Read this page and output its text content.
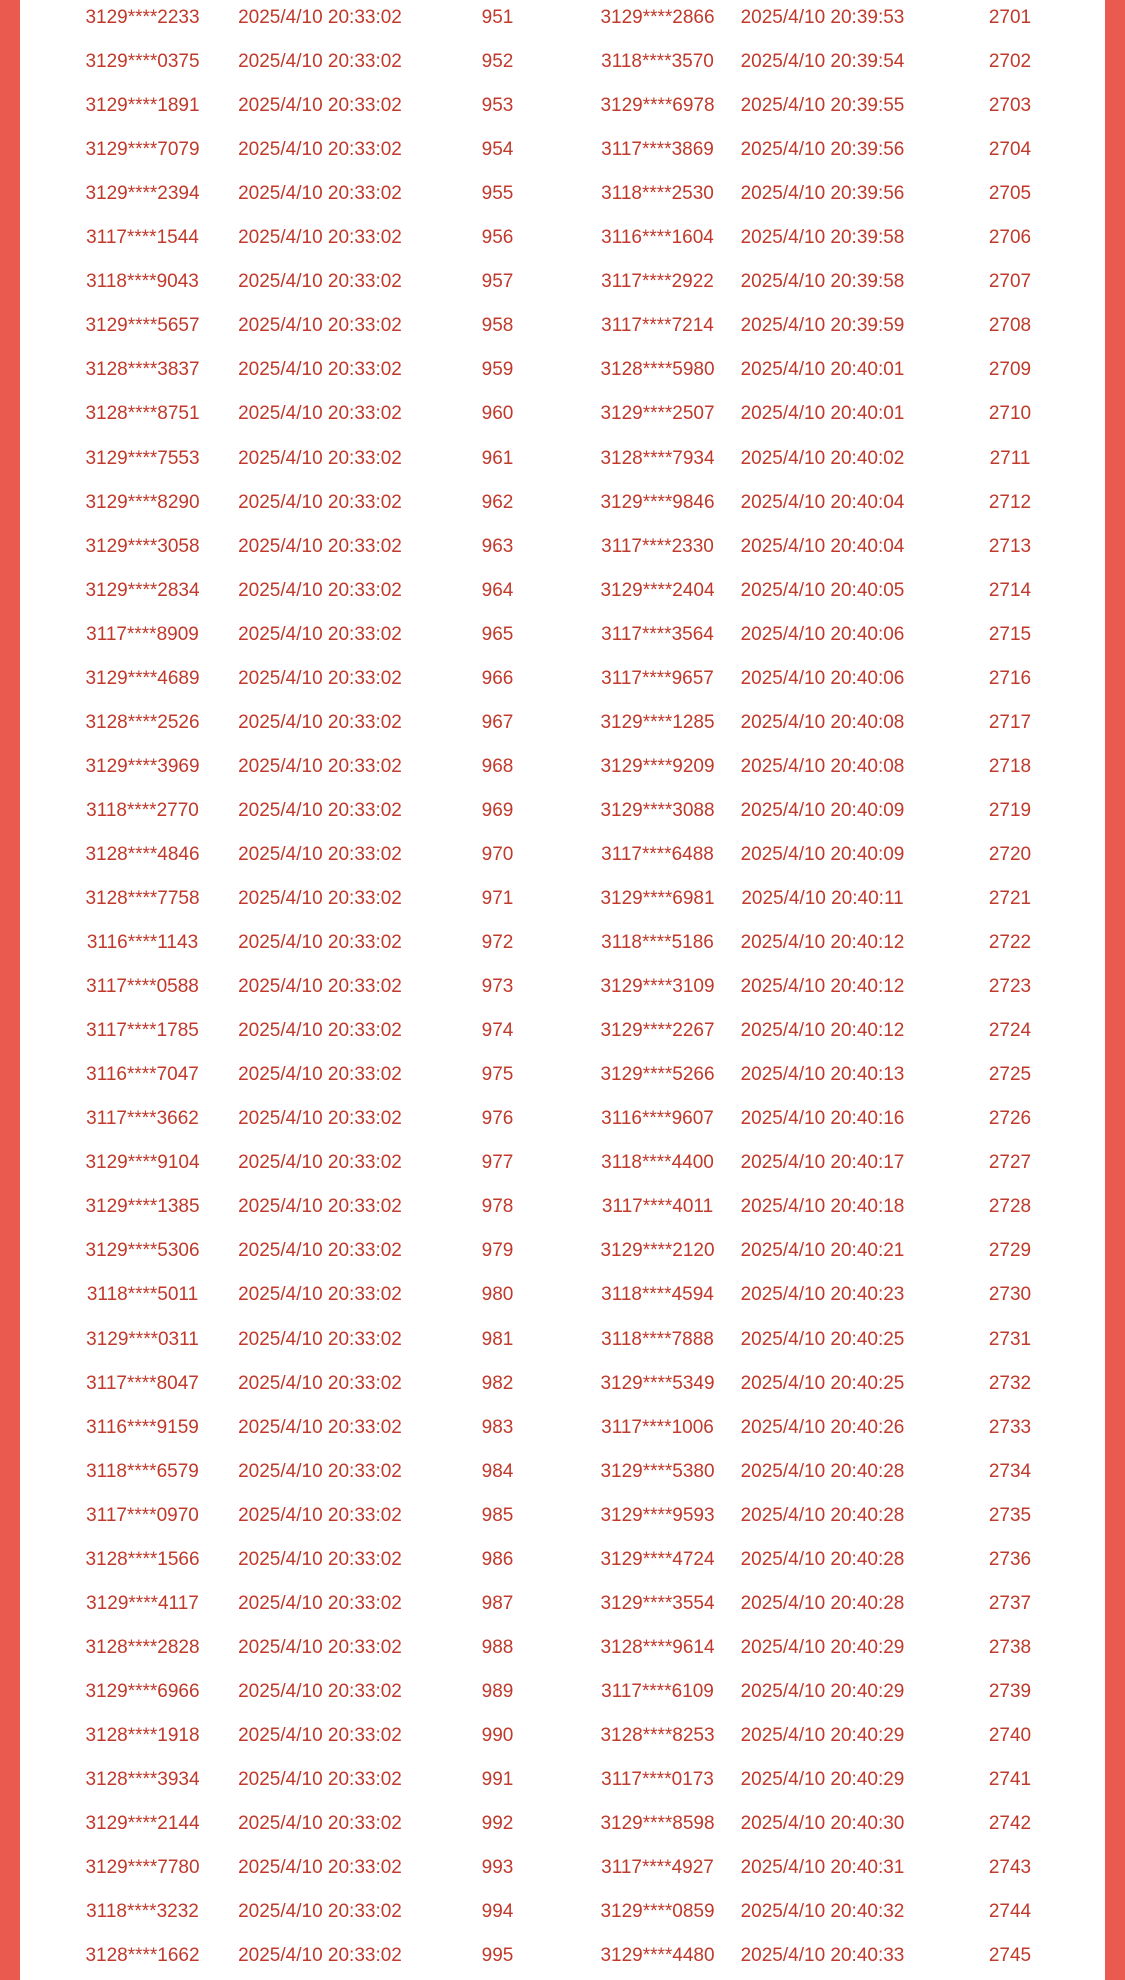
3129****2233	2025/4/10 20:33:02	951	3129****2866	2025/4/10 20:39:53	2701
3129****0375	2025/4/10 20:33:02	952	3118****3570	2025/4/10 20:39:54	2702
3129****1891	2025/4/10 20:33:02	953	3129****6978	2025/4/10 20:39:55	2703
3129****7079	2025/4/10 20:33:02	954	3117****3869	2025/4/10 20:39:56	2704
3129****2394	2025/4/10 20:33:02	955	3118****2530	2025/4/10 20:39:56	2705
3117****1544	2025/4/10 20:33:02	956	3116****1604	2025/4/10 20:39:58	2706
3118****9043	2025/4/10 20:33:02	957	3117****2922	2025/4/10 20:39:58	2707
3129****5657	2025/4/10 20:33:02	958	3117****7214	2025/4/10 20:39:59	2708
3128****3837	2025/4/10 20:33:02	959	3128****5980	2025/4/10 20:40:01	2709
3128****8751	2025/4/10 20:33:02	960	3129****2507	2025/4/10 20:40:01	2710
3129****7553	2025/4/10 20:33:02	961	3128****7934	2025/4/10 20:40:02	2711
3129****8290	2025/4/10 20:33:02	962	3129****9846	2025/4/10 20:40:04	2712
3129****3058	2025/4/10 20:33:02	963	3117****2330	2025/4/10 20:40:04	2713
3129****2834	2025/4/10 20:33:02	964	3129****2404	2025/4/10 20:40:05	2714
3117****8909	2025/4/10 20:33:02	965	3117****3564	2025/4/10 20:40:06	2715
3129****4689	2025/4/10 20:33:02	966	3117****9657	2025/4/10 20:40:06	2716
3128****2526	2025/4/10 20:33:02	967	3129****1285	2025/4/10 20:40:08	2717
3129****3969	2025/4/10 20:33:02	968	3129****9209	2025/4/10 20:40:08	2718
3118****2770	2025/4/10 20:33:02	969	3129****3088	2025/4/10 20:40:09	2719
3128****4846	2025/4/10 20:33:02	970	3117****6488	2025/4/10 20:40:09	2720
3128****7758	2025/4/10 20:33:02	971	3129****6981	2025/4/10 20:40:11	2721
3116****1143	2025/4/10 20:33:02	972	3118****5186	2025/4/10 20:40:12	2722
3117****0588	2025/4/10 20:33:02	973	3129****3109	2025/4/10 20:40:12	2723
3117****1785	2025/4/10 20:33:02	974	3129****2267	2025/4/10 20:40:12	2724
3116****7047	2025/4/10 20:33:02	975	3129****5266	2025/4/10 20:40:13	2725
3117****3662	2025/4/10 20:33:02	976	3116****9607	2025/4/10 20:40:16	2726
3129****9104	2025/4/10 20:33:02	977	3118****4400	2025/4/10 20:40:17	2727
3129****1385	2025/4/10 20:33:02	978	3117****4011	2025/4/10 20:40:18	2728
3129****5306	2025/4/10 20:33:02	979	3129****2120	2025/4/10 20:40:21	2729
3118****5011	2025/4/10 20:33:02	980	3118****4594	2025/4/10 20:40:23	2730
3129****0311	2025/4/10 20:33:02	981	3118****7888	2025/4/10 20:40:25	2731
3117****8047	2025/4/10 20:33:02	982	3129****5349	2025/4/10 20:40:25	2732
3116****9159	2025/4/10 20:33:02	983	3117****1006	2025/4/10 20:40:26	2733
3118****6579	2025/4/10 20:33:02	984	3129****5380	2025/4/10 20:40:28	2734
3117****0970	2025/4/10 20:33:02	985	3129****9593	2025/4/10 20:40:28	2735
3128****1566	2025/4/10 20:33:02	986	3129****4724	2025/4/10 20:40:28	2736
3129****4117	2025/4/10 20:33:02	987	3129****3554	2025/4/10 20:40:28	2737
3128****2828	2025/4/10 20:33:02	988	3128****9614	2025/4/10 20:40:29	2738
3129****6966	2025/4/10 20:33:02	989	3117****6109	2025/4/10 20:40:29	2739
3128****1918	2025/4/10 20:33:02	990	3128****8253	2025/4/10 20:40:29	2740
3128****3934	2025/4/10 20:33:02	991	3117****0173	2025/4/10 20:40:29	2741
3129****2144	2025/4/10 20:33:02	992	3129****8598	2025/4/10 20:40:30	2742
3129****7780	2025/4/10 20:33:02	993	3117****4927	2025/4/10 20:40:31	2743
3118****3232	2025/4/10 20:33:02	994	3129****0859	2025/4/10 20:40:32	2744
3128****1662	2025/4/10 20:33:02	995	3129****4480	2025/4/10 20:40:33	2745
